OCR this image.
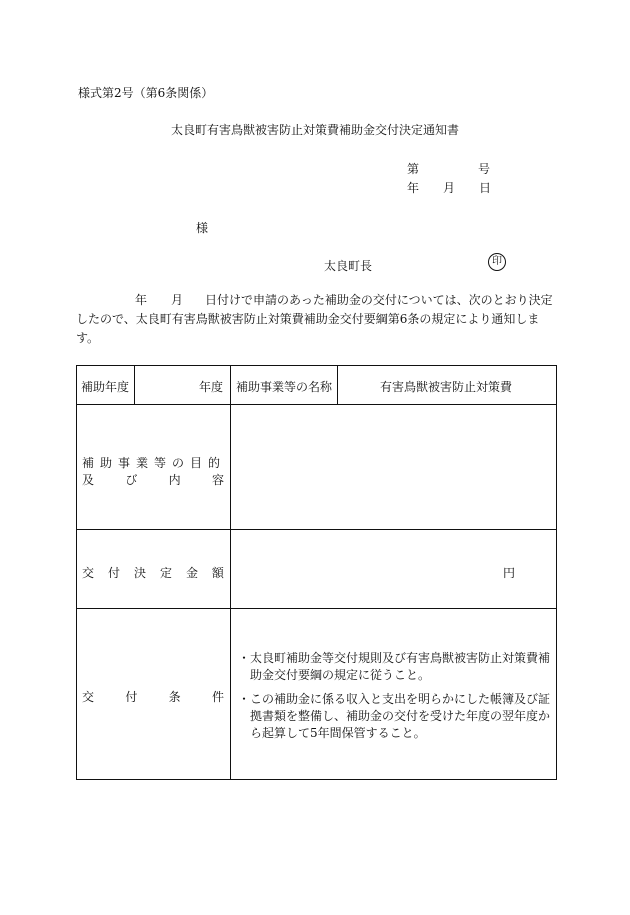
様式第2号（第6条関係）
太良町有害鳥獣被害防止対策費補助金交付決定通知書
第	号
年 月 日
様
太良町長	印
年 月 日付けで申請のあった補助金の交付については、次のとおり決定
したので、太良町有害鳥獣被害防止対策費補助金交付要綱第6条の規定により通知しま
す。
補助年度	年度 補助事業等の名称	有害鳥獣被害防止対策費
補助事業等の目的
及	び	内	容
交 付 決 定 金 額	円
交	付	条	件
・ 太良町補助金等交付規則及び有害鳥獣被害防止対策費補
助金交付要綱の規定に従うこと。
・ この補助金に係る収入と支出を明らかにした帳簿及び証
拠書類を整備し、補助金の交付を受けた年度の翌年度か
ら起算して5年間保管すること。
